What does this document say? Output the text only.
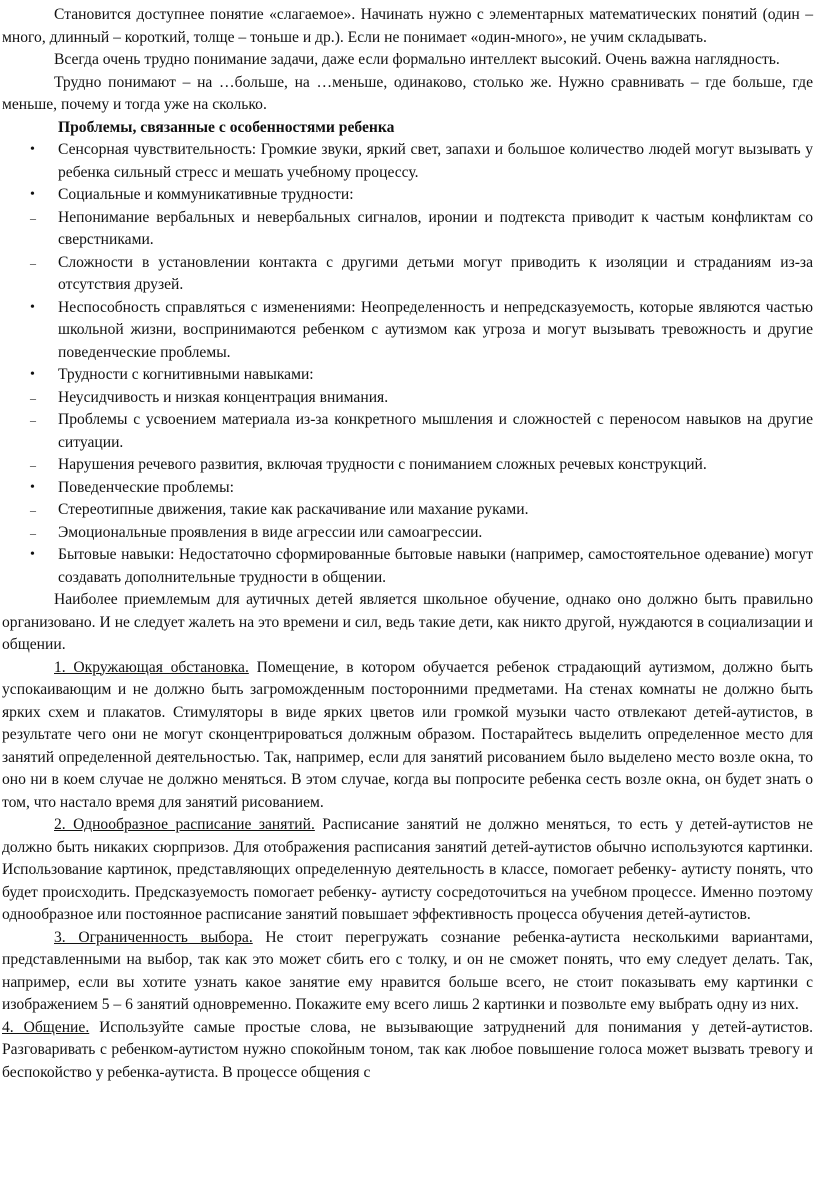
Становится доступнее понятие «слагаемое». Начинать нужно с элементарных математических понятий (один – много, длинный – короткий, толще – тоньше и др.). Если не понимает «один-много», не учим складывать.

Всегда очень трудно понимание задачи, даже если формально интеллект высокий. Очень важна наглядность.

Трудно понимают – на …больше, на …меньше, одинаково, столько же. Нужно сравнивать – где больше, где меньше, почему и тогда уже на сколько.

Проблемы, связанные с особенностями ребенка

• Сенсорная чувствительность: Громкие звуки, яркий свет, запахи и большое количество людей могут вызывать у ребенка сильный стресс и мешать учебному процессу.
• Социальные и коммуникативные трудности:
– Непонимание вербальных и невербальных сигналов, иронии и подтекста приводит к частым конфликтам со сверстниками.
– Сложности в установлении контакта с другими детьми могут приводить к изоляции и страданиям из-за отсутствия друзей.
• Неспособность справляться с изменениями: Неопределенность и непредсказуемость, которые являются частью школьной жизни, воспринимаются ребенком с аутизмом как угроза и могут вызывать тревожность и другие поведенческие проблемы.
• Трудности с когнитивными навыками:
– Неусидчивость и низкая концентрация внимания.
– Проблемы с усвоением материала из-за конкретного мышления и сложностей с переносом навыков на другие ситуации.
– Нарушения речевого развития, включая трудности с пониманием сложных речевых конструкций.
• Поведенческие проблемы:
– Стереотипные движения, такие как раскачивание или махание руками.
– Эмоциональные проявления в виде агрессии или самоагрессии.
• Бытовые навыки: Недостаточно сформированные бытовые навыки (например, самостоятельное одевание) могут создавать дополнительные трудности в общении.

Наиболее приемлемым для аутичных детей является школьное обучение, однако оно должно быть правильно организовано. И не следует жалеть на это времени и сил, ведь такие дети, как никто другой, нуждаются в социализации и общении.

1. Окружающая обстановка. Помещение, в котором обучается ребенок страдающий аутизмом, должно быть успокаивающим и не должно быть загроможденным посторонними предметами. На стенах комнаты не должно быть ярких схем и плакатов. Стимуляторы в виде ярких цветов или громкой музыки часто отвлекают детей-аутистов, в результате чего они не могут сконцентрироваться должным образом. Постарайтесь выделить определенное место для занятий определенной деятельностью. Так, например, если для занятий рисованием было выделено место возле окна, то оно ни в коем случае не должно меняться. В этом случае, когда вы попросите ребенка сесть возле окна, он будет знать о том, что настало время для занятий рисованием.

2. Однообразное расписание занятий. Расписание занятий не должно меняться, то есть у детей-аутистов не должно быть никаких сюрпризов. Для отображения расписания занятий детей-аутистов обычно используются картинки. Использование картинок, представляющих определенную деятельность в классе, помогает ребенку- аутисту понять, что будет происходить. Предсказуемость помогает ребенку- аутисту сосредоточиться на учебном процессе. Именно поэтому однообразное или постоянное расписание занятий повышает эффективность процесса обучения детей-аутистов.

3. Ограниченность выбора. Не стоит перегружать сознание ребенка-аутиста несколькими вариантами, представленными на выбор, так как это может сбить его с толку, и он не сможет понять, что ему следует делать. Так, например, если вы хотите узнать какое занятие ему нравится больше всего, не стоит показывать ему картинки с изображением 5 – 6 занятий одновременно. Покажите ему всего лишь 2 картинки и позвольте ему выбрать одну из них.

4. Общение. Используйте самые простые слова, не вызывающие затруднений для понимания у детей-аутистов. Разговаривать с ребенком-аутистом нужно спокойным тоном, так как любое повышение голоса может вызвать тревогу и беспокойство у ребенка-аутиста. В процессе общения с
